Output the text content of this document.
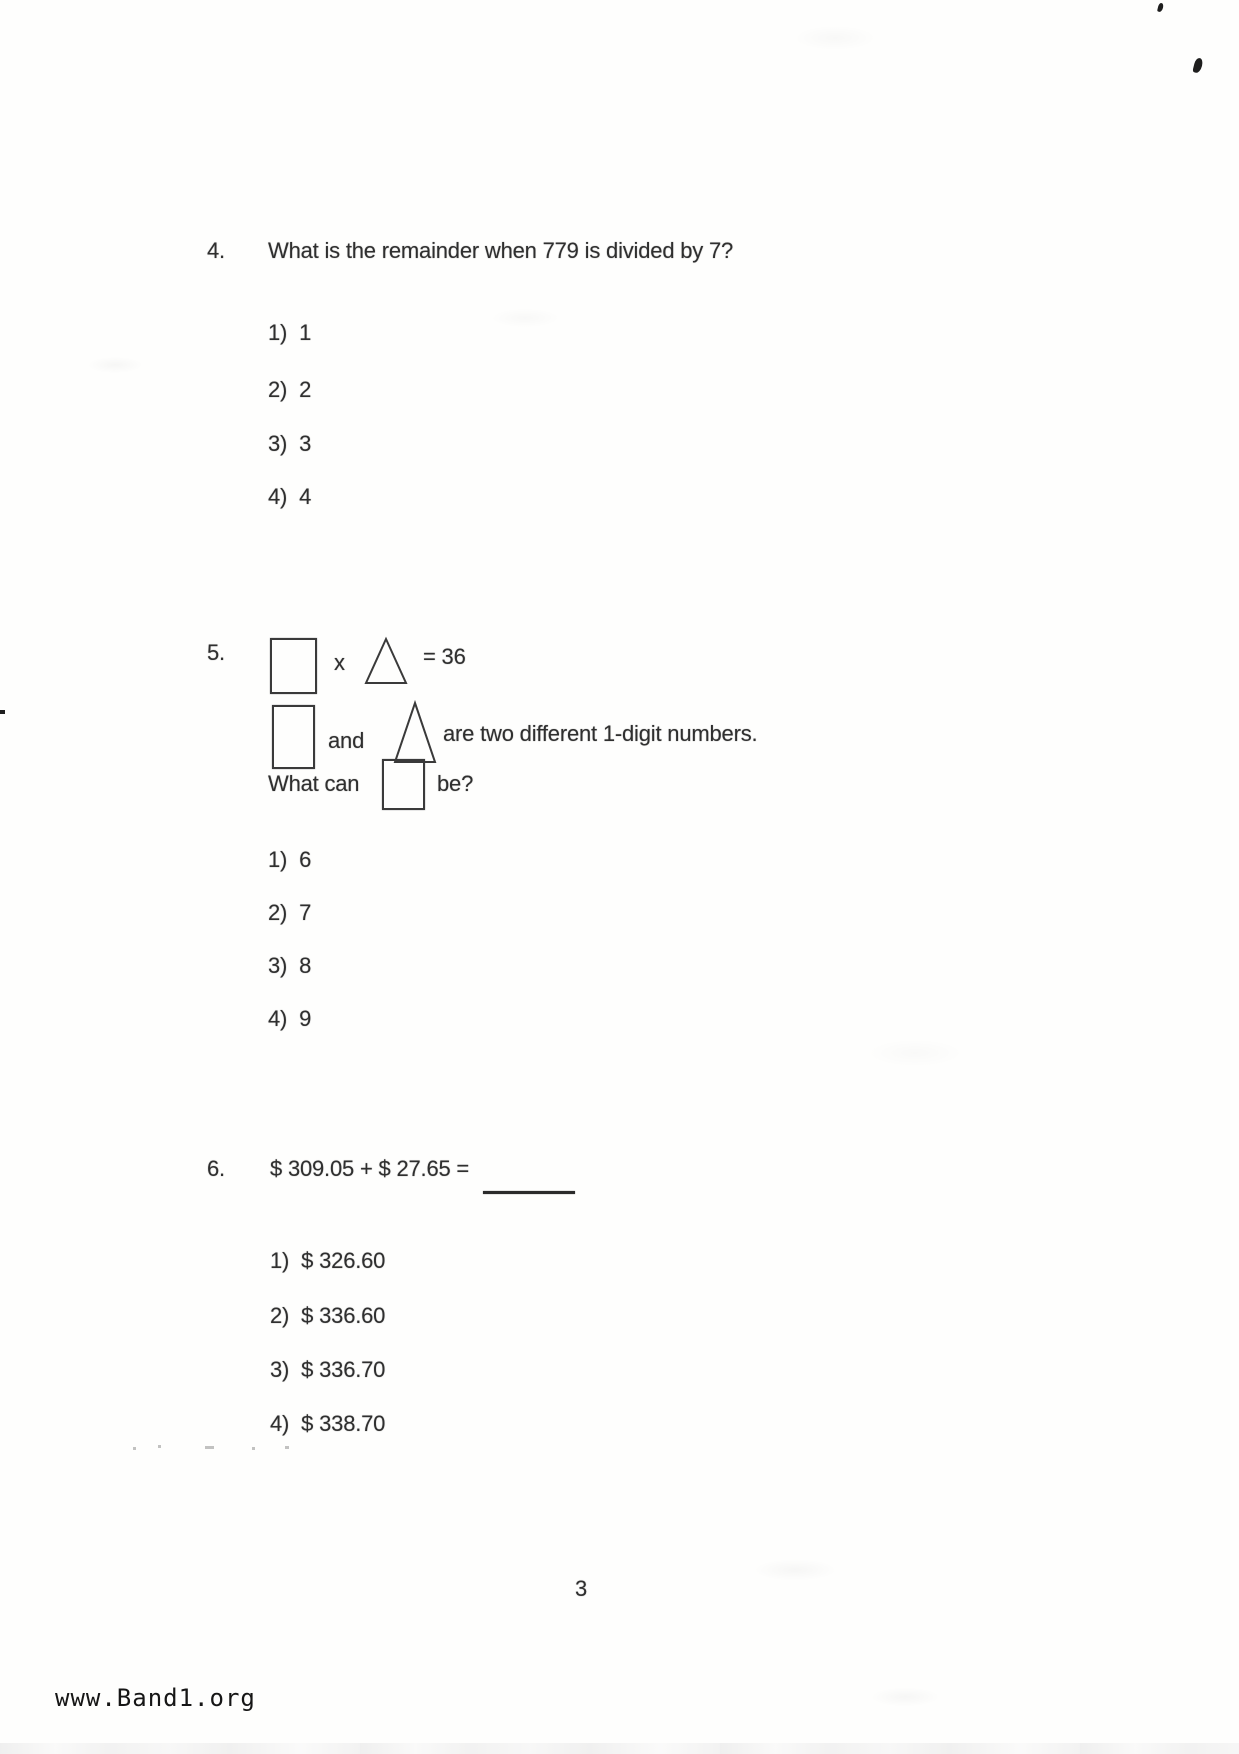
4. What is the remainder when 779 is divided by 7?
1) 1
2) 2
3) 3
4) 4
5.	x	= 36
and	are two different 1-digit numbers.
What can	be?
1) 6
2) 7
3) 8
4) 9
6. $ 309.05 + $ 27.65 =
1) $ 326.60
2) $ 336.60
3) $ 336.70
4) $ 338.70
3
www.Band1.org
